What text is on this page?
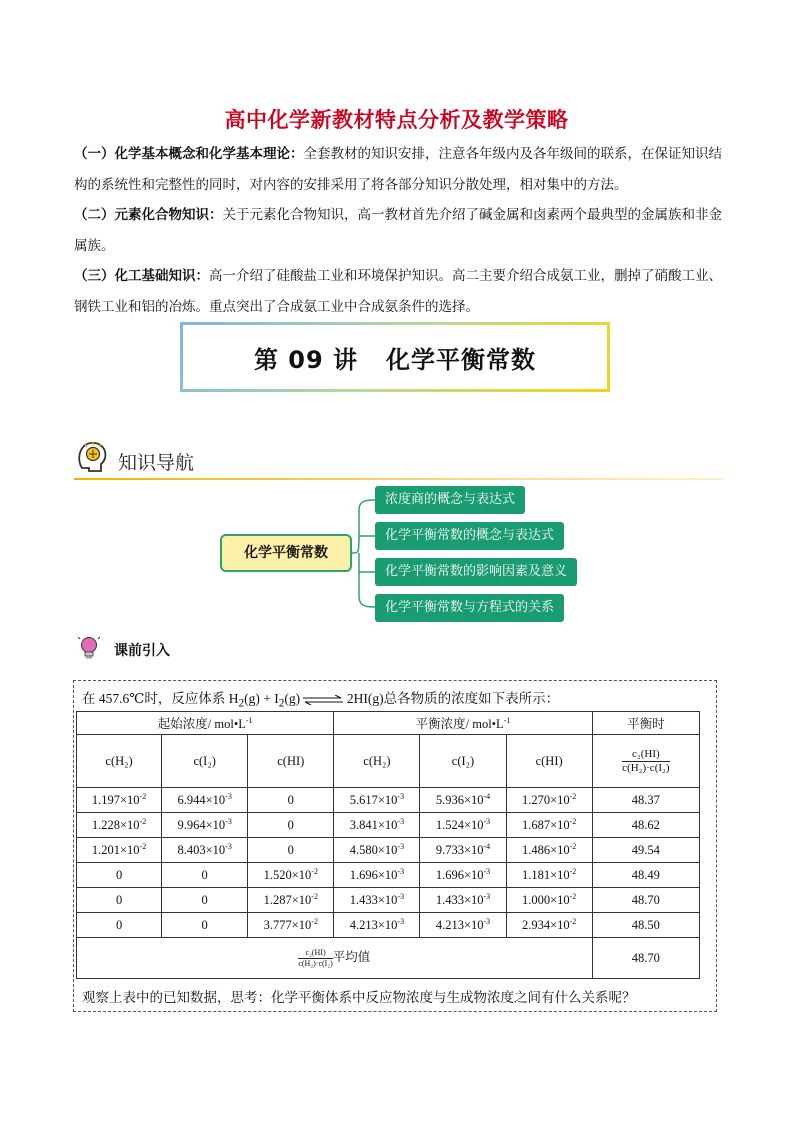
高中化学新教材特点分析及教学策略
（一）化学基本概念和化学基本理论：全套教材的知识安排，注意各年级内及各年级间的联系，在保证知识结构的系统性和完整性的同时，对内容的安排采用了将各部分知识分散处理，相对集中的方法。
（二）元素化合物知识：关于元素化合物知识，高一教材首先介绍了碱金属和卤素两个最典型的金属族和非金属族。
（三）化工基础知识：高一介绍了硅酸盐工业和环境保护知识。高二主要介绍合成氨工业，删掉了硝酸工业、钢铁工业和铝的冶炼。重点突出了合成氨工业中合成氨条件的选择。
第 09 讲 化学平衡常数
知识导航
化学平衡常数
浓度商的概念与表达式
化学平衡常数的概念与表达式
化学平衡常数的影响因素及意义
化学平衡常数与方程式的关系
课前引入
在 457.6℃时，反应体系 $H_2(g) + I_2(g)$ ⇌ 2HI(g)总各物质的浓度如下表所示：
起始浓度/ $mol•L^{-1}$			平衡浓度/ $mol•L^{-1}$			平衡时
c(H₂)	c(I₂)	c(HI)	c(H₂)	c(I₂)	c(HI)	$\frac{\text{c₂(HI)}}{\text{c(H₂)·c(I₂)}}$

$1.197\times 10^{-2}$	$6.944\times 10^{-3}$	0	$5.617\times 10^{-3}$	$5.936\times 10^{-4}$	$1.270\times 10^{-2}$	48.37
$1.228\times 10^{-2}$	$9.964\times 10^{-3}$	0	$3.841\times 10^{-3}$	$1.524\times 10^{-3}$	$1.687\times 10^{-2}$	48.62
$1.201\times 10^{-2}$	$8.403\times 10^{-3}$	0	$4.580\times 10^{-3}$	$9.733\times 10^{-4}$	$1.486\times 10^{-2}$	49.54
0	0	$1.520\times 10^{-2}$	$1.696\times 10^{-3}$	$1.696\times 10^{-3}$	$1.181\times 10^{-2}$	48.49
0	0	$1.287\times 10^{-2}$	$1.433\times 10^{-3}$	$1.433\times 10^{-3}$	$1.000\times 10^{-2}$	48.70
0	0	$3.777\times 10^{-2}$	$4.213\times 10^{-3}$	$4.213\times 10^{-3}$	$2.934\times 10^{-2}$	48.50

$\frac{\text{c₂(HI)}}{\text{c(H₂)·c(I₂)}}$ 平均值						48.70
观察上表中的已知数据，思考：化学平衡体系中反应物浓度与生成物浓度之间有什么关系呢？
